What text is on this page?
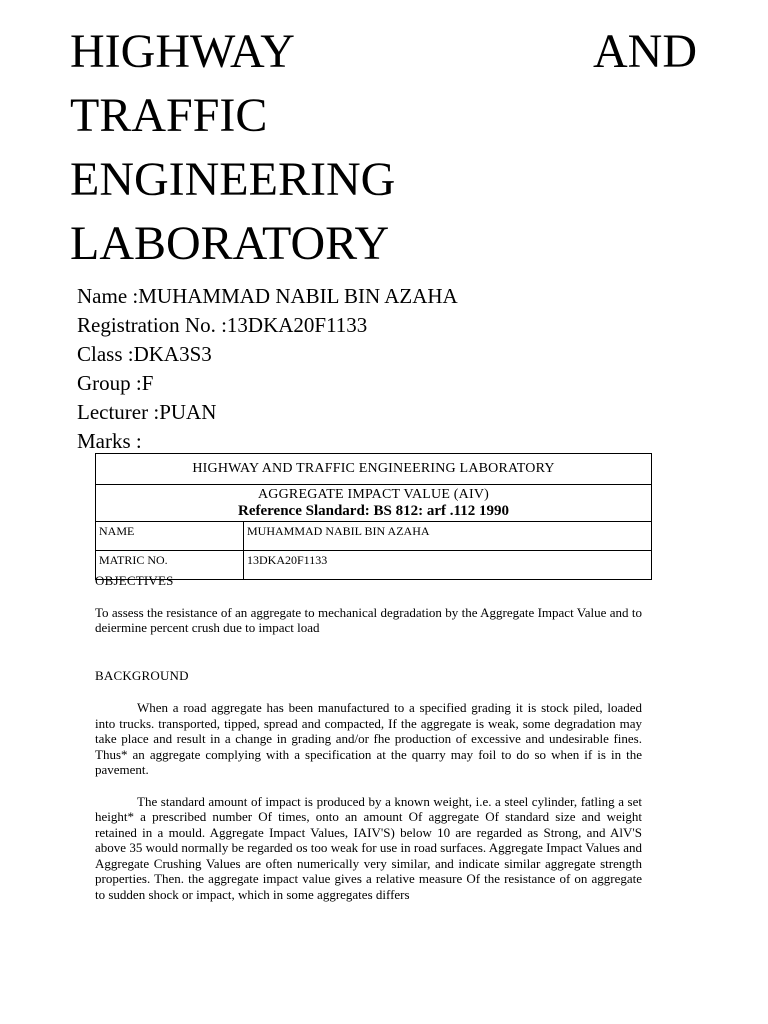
HIGHWAY	AND
TRAFFIC
ENGINEERING
LABORATORY
Name :MUHAMMAD NABIL BIN AZAHA
Registration No. :13DKA20F1133
Class :DKA3S3
Group :F
Lecturer :PUAN
Marks :
HIGHWAY AND TRAFFIC ENGINEERING LABORATORY	

AGGREGATE IMPACT VALUE (AIV)
Reference Slandard: BS 812: arf .112 1990	

NAME	MUHAMMAD NABIL BIN AZAHA
MATRIC NO.	13DKA20F1133

OBJECTIVES

To assess the resistance of an aggregate to mechanical degradation by the Aggregate Impact Value and to deiermine percent crush due to impact load

BACKGROUND

When a road aggregate has been manufactured to a specified grading it is stock piled, loaded into trucks. transported, tipped, spread and compacted, If the aggregate is weak, some degradation may take place and result in a change in grading and/or fhe production of excessive and undesirable fines. Thus* an aggregate complying with a specification at the quarry may foil to do so when if is in the pavement.

The standard amount of impact is produced by a known weight, i.e. a steel cylinder, fatling a set height* a prescribed number Of times, onto an amount Of aggregate Of standard size and weight retained in a mould. Aggregate Impact Values, IAIV'S) below 10 are regarded as Strong, and AlV'S above 35 would normally be regarded os too weak for use in road surfaces. Aggregate Impact Values and Aggregate Crushing Values are often numerically very similar, and indicate similar aggregate strength properties. Then. the aggregate impact value gives a relative measure Of the resistance of on aggregate to sudden shock or impact, which in some aggregates differs
